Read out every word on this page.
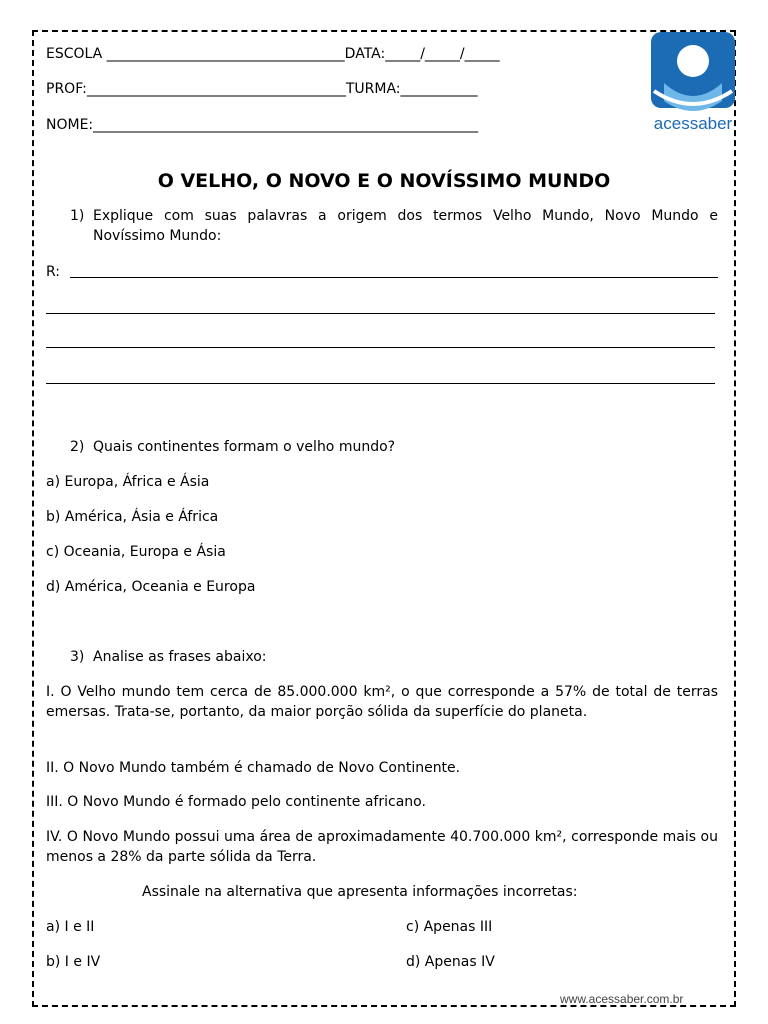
ESCOLA __________________________________DATA:_____/_____/_____
PROF:_____________________________________TURMA:___________
NOME:_______________________________________________________	acessaber
O VELHO, O NOVO E O NOVÍSSIMO MUNDO
1) Explique com suas palavras a origem dos termos Velho Mundo, Novo Mundo e Novíssimo Mundo:
R:
2) Quais continentes formam o velho mundo?
a) Europa, África e Ásia
b) América, Ásia e África
c) Oceania, Europa e Ásia
d) América, Oceania e Europa
3) Analise as frases abaixo:
I. O Velho mundo tem cerca de 85.000.000 km², o que corresponde a 57% de total de terras emersas. Trata-se, portanto, da maior porção sólida da superfície do planeta.
II. O Novo Mundo também é chamado de Novo Continente.
III. O Novo Mundo é formado pelo continente africano.
IV. O Novo Mundo possui uma área de aproximadamente 40.700.000 km², corresponde mais ou menos a 28% da parte sólida da Terra.
Assinale na alternativa que apresenta informações incorretas:
a) I e II	c) Apenas III
b) I e IV	d) Apenas IV
www.acessaber.com.br
